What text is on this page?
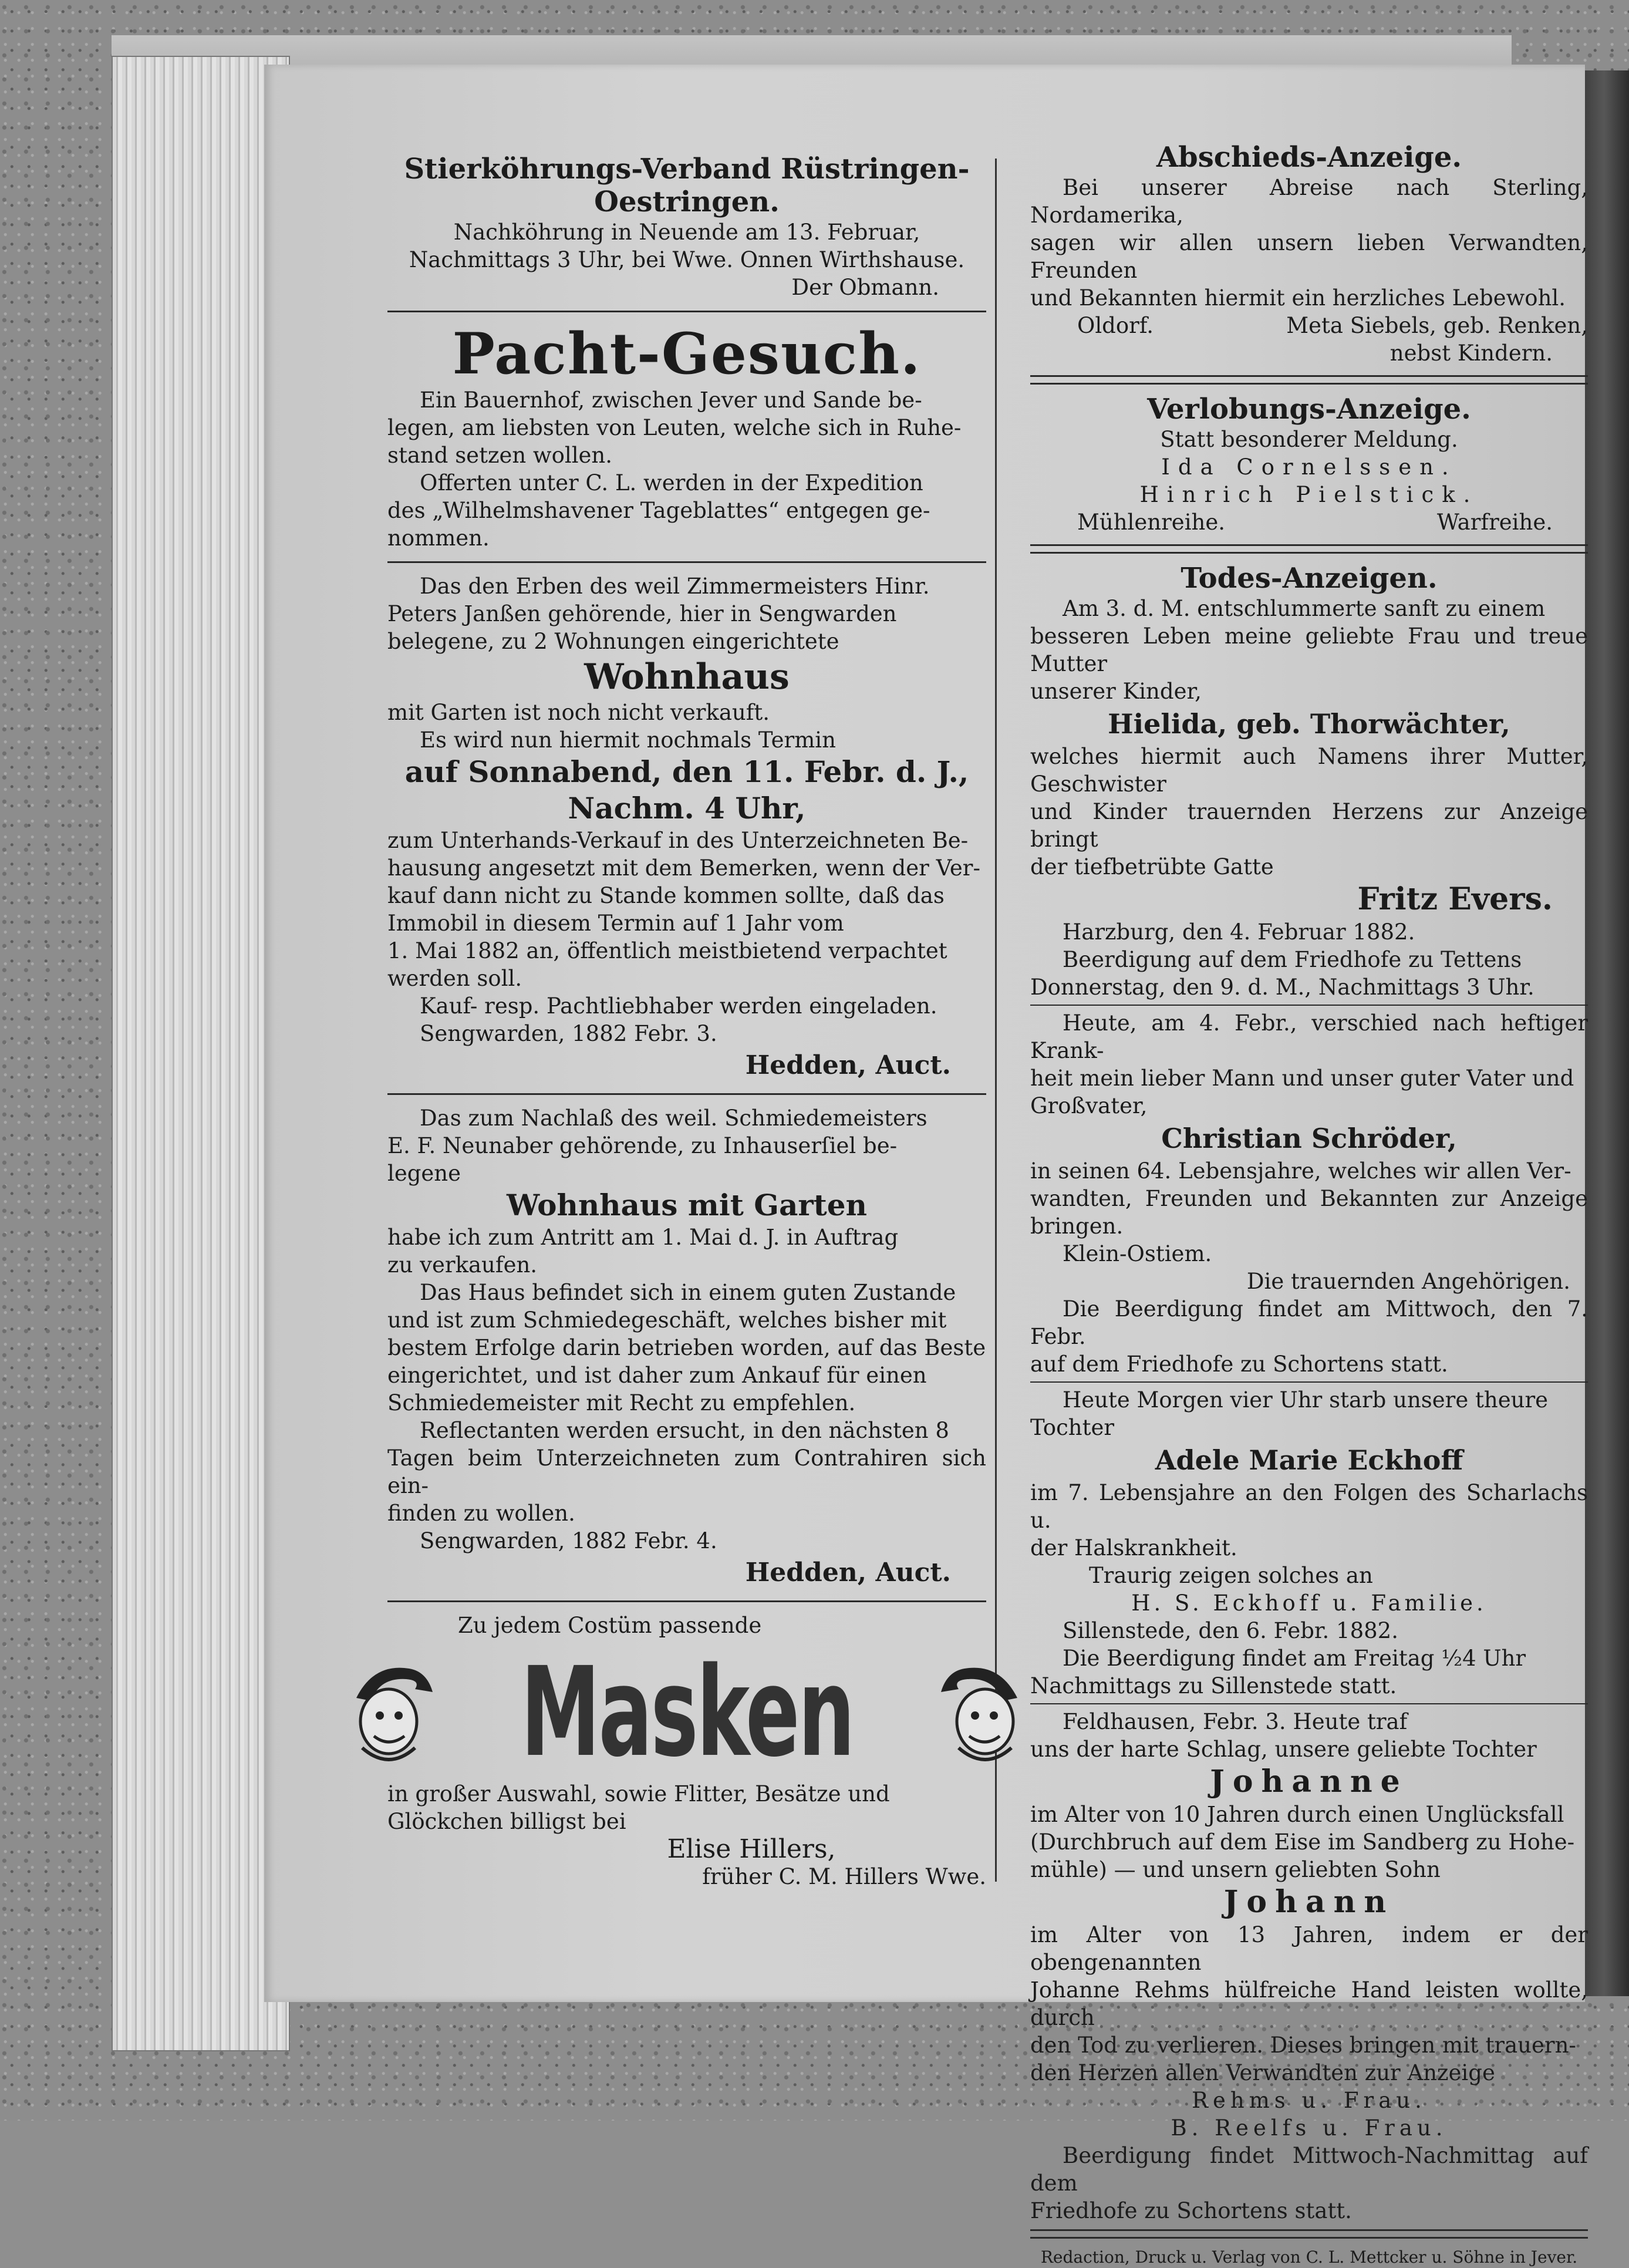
Stierköhrungs-Verband Rüstringen-

Oestringen.

Nachköhrung in Neuende am 13. Februar,

Nachmittags 3 Uhr, bei Wwe. Onnen Wirthshause.

Der Obmann.

Pacht-Gesuch.

Ein Bauernhof, zwischen Jever und Sande be-

legen, am liebsten von Leuten, welche sich in Ruhe-

stand setzen wollen.

Offerten unter C. L. werden in der Expedition

des „Wilhelmshavener Tageblattes“ entgegen ge-

nommen.

Das den Erben des weil Zimmermeisters Hinr.

Peters Janßen gehörende, hier in Sengwarden

belegene, zu 2 Wohnungen eingerichtete

Wohnhaus

mit Garten ist noch nicht verkauft.

Es wird nun hiermit nochmals Termin

auf Sonnabend, den 11. Febr. d. J.,

Nachm. 4 Uhr,

zum Unterhands-Verkauf in des Unterzeichneten Be-

hausung angesetzt mit dem Bemerken, wenn der Ver-

kauf dann nicht zu Stande kommen sollte, daß das

Immobil in diesem Termin auf 1 Jahr vom

1. Mai 1882 an, öffentlich meistbietend verpachtet

werden soll.

Kauf- resp. Pachtliebhaber werden eingeladen.

Sengwarden, 1882 Febr. 3.

Hedden, Auct.

Das zum Nachlaß des weil. Schmiedemeisters

E. F. Neunaber gehörende, zu Inhauserſiel be-

legene

Wohnhaus mit Garten

habe ich zum Antritt am 1. Mai d. J. in Auftrag

zu verkaufen.

Das Haus befindet sich in einem guten Zustande

und ist zum Schmiedegeschäft, welches bisher mit

bestem Erfolge darin betrieben worden, auf das Beste

eingerichtet, und ist daher zum Ankauf für einen

Schmiedemeister mit Recht zu empfehlen.

Reflectanten werden ersucht, in den nächsten 8

Tagen beim Unterzeichneten zum Contrahiren sich ein-

finden zu wollen.

Sengwarden, 1882 Febr. 4.

Hedden, Auct.

Zu jedem Costüm passende

Masken

in großer Auswahl, sowie Flitter, Besätze und

Glöckchen billigst bei

Elise Hillers,

früher C. M. Hillers Wwe.

Abschieds-Anzeige.

Bei unserer Abreise nach Sterling, Nordamerika,

sagen wir allen unsern lieben Verwandten, Freunden

und Bekannten hiermit ein herzliches Lebewohl.

Oldorf.	Meta Siebels, geb. Renken,

nebst Kindern.

Verlobungs-Anzeige.

Statt besonderer Meldung.

Ida Cornelssen.

Hinrich Pielstick.

Mühlenreihe.	Warfreihe.

Todes-Anzeigen.

Am 3. d. M. entschlummerte sanft zu einem

besseren Leben meine geliebte Frau und treue Mutter

unserer Kinder,

Hielida, geb. Thorwächter,

welches hiermit auch Namens ihrer Mutter, Geschwister

und Kinder trauernden Herzens zur Anzeige bringt

der tiefbetrübte Gatte

Fritz Evers.

Harzburg, den 4. Februar 1882.

Beerdigung auf dem Friedhofe zu Tettens

Donnerstag, den 9. d. M., Nachmittags 3 Uhr.

Heute, am 4. Febr., verschied nach heftiger Krank-

heit mein lieber Mann und unser guter Vater und

Großvater,

Christian Schröder,

in seinen 64. Lebensjahre, welches wir allen Ver-

wandten, Freunden und Bekannten zur Anzeige bringen.

Klein-Ostiem.

Die trauernden Angehörigen.

Die Beerdigung findet am Mittwoch, den 7. Febr.

auf dem Friedhofe zu Schortens statt.

Heute Morgen vier Uhr starb unsere theure

Tochter

Adele Marie Eckhoff

im 7. Lebensjahre an den Folgen des Scharlachs u.

der Halskrankheit.

Traurig zeigen solches an

H. S. Eckhoff u. Familie.

Sillenstede, den 6. Febr. 1882.

Die Beerdigung findet am Freitag ½4 Uhr

Nachmittags zu Sillenstede statt.

Feldhausen, Febr. 3. Heute traf

uns der harte Schlag, unsere geliebte Tochter

Johanne

im Alter von 10 Jahren durch einen Unglücksfall

(Durchbruch auf dem Eise im Sandberg zu Hohe-

mühle) — und unsern geliebten Sohn

Johann

im Alter von 13 Jahren, indem er der obengenannten

Johanne Rehms hülfreiche Hand leisten wollte, durch

den Tod zu verlieren. Dieses bringen mit trauern-

den Herzen allen Verwandten zur Anzeige

Rehms u. Frau.

B. Reelfs u. Frau.

Beerdigung findet Mittwoch-Nachmittag auf dem

Friedhofe zu Schortens statt.

Redaction, Druck u. Verlag von C. L. Mettcker u. Söhne in Jever.
